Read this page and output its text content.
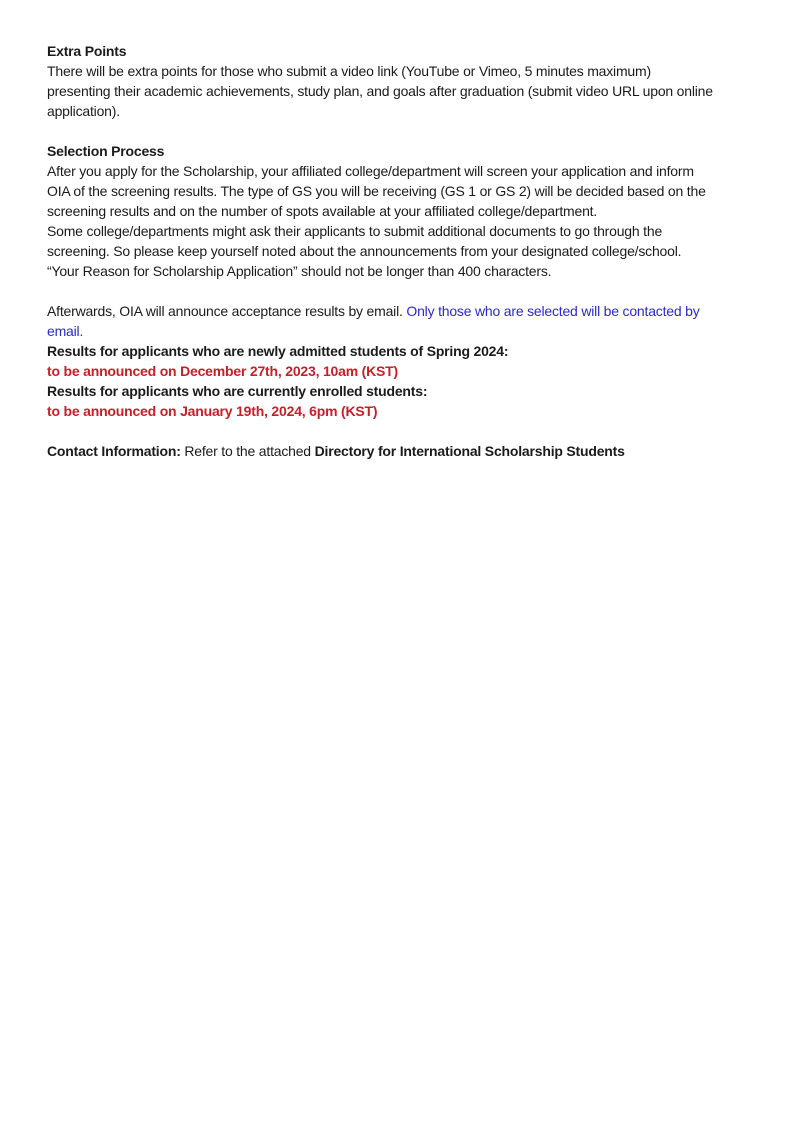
Extra Points
There will be extra points for those who submit a video link (YouTube or Vimeo, 5 minutes maximum)
presenting their academic achievements, study plan, and goals after graduation (submit video URL upon online
application).
Selection Process
After you apply for the Scholarship, your affiliated college/department will screen your application and inform
OIA of the screening results. The type of GS you will be receiving (GS 1 or GS 2) will be decided based on the
screening results and on the number of spots available at your affiliated college/department.
Some college/departments might ask their applicants to submit additional documents to go through the
screening. So please keep yourself noted about the announcements from your designated college/school.
“Your Reason for Scholarship Application” should not be longer than 400 characters.
Afterwards, OIA will announce acceptance results by email. Only those who are selected will be contacted by
email.
Results for applicants who are newly admitted students of Spring 2024:
to be announced on December 27th, 2023, 10am (KST)
Results for applicants who are currently enrolled students:
to be announced on January 19th, 2024, 6pm (KST)
Contact Information: Refer to the attached Directory for International Scholarship Students
